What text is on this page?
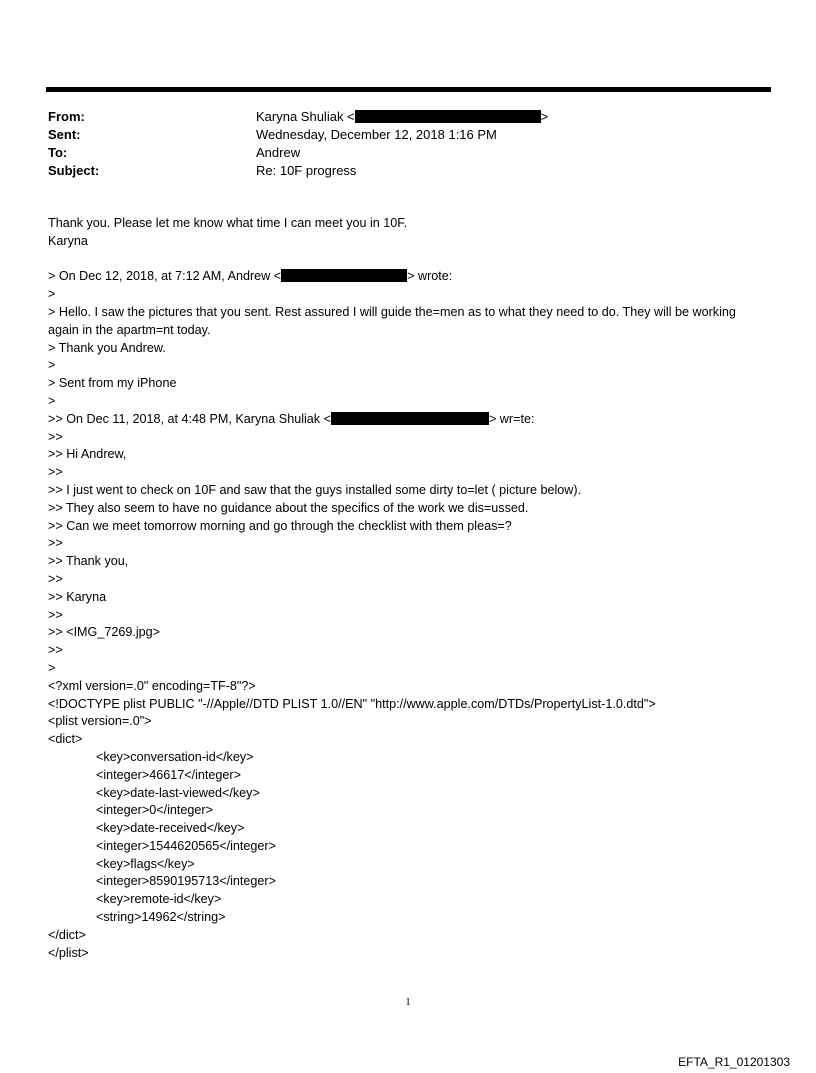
From:	Karyna Shuliak <	>
Sent:	Wednesday, December 12, 2018 1:16 PM
To:	Andrew
Subject:	Re: 10F progress
Thank you. Please let me know what time I can meet you in 10F.
Karyna
> On Dec 12, 2018, at 7:12 AM, Andrew <	> wrote:
>
> Hello. I saw the pictures that you sent. Rest assured I will guide the=men as to what they need to do. They will be working again in the apartm=nt today.
> Thank you Andrew.
>
> Sent from my iPhone
>
>> On Dec 11, 2018, at 4:48 PM, Karyna Shuliak <	> wr=te:
>>
>> Hi Andrew,
>>
>> I just went to check on 10F and saw that the guys installed some dirty to=let ( picture below).
>> They also seem to have no guidance about the specifics of the work we dis=ussed.
>> Can we meet tomorrow morning and go through the checklist with them pleas=?
>>
>> Thank you,
>>
>> Karyna
>>
>> <IMG_7269.jpg>
>>
>
<?xml version=.0" encoding=TF-8"?>
<!DOCTYPE plist PUBLIC "-//Apple//DTD PLIST 1.0//EN" "http://www.apple.com/DTDs/PropertyList-1.0.dtd">
<plist version=.0">
<dict>
<key>conversation-id</key>
<integer>46617</integer>
<key>date-last-viewed</key>
<integer>0</integer>
<key>date-received</key>
<integer>1544620565</integer>
<key>flags</key>
<integer>8590195713</integer>
<key>remote-id</key>
<string>14962</string>
</dict>
</plist>
1
EFTA_R1_01201303
